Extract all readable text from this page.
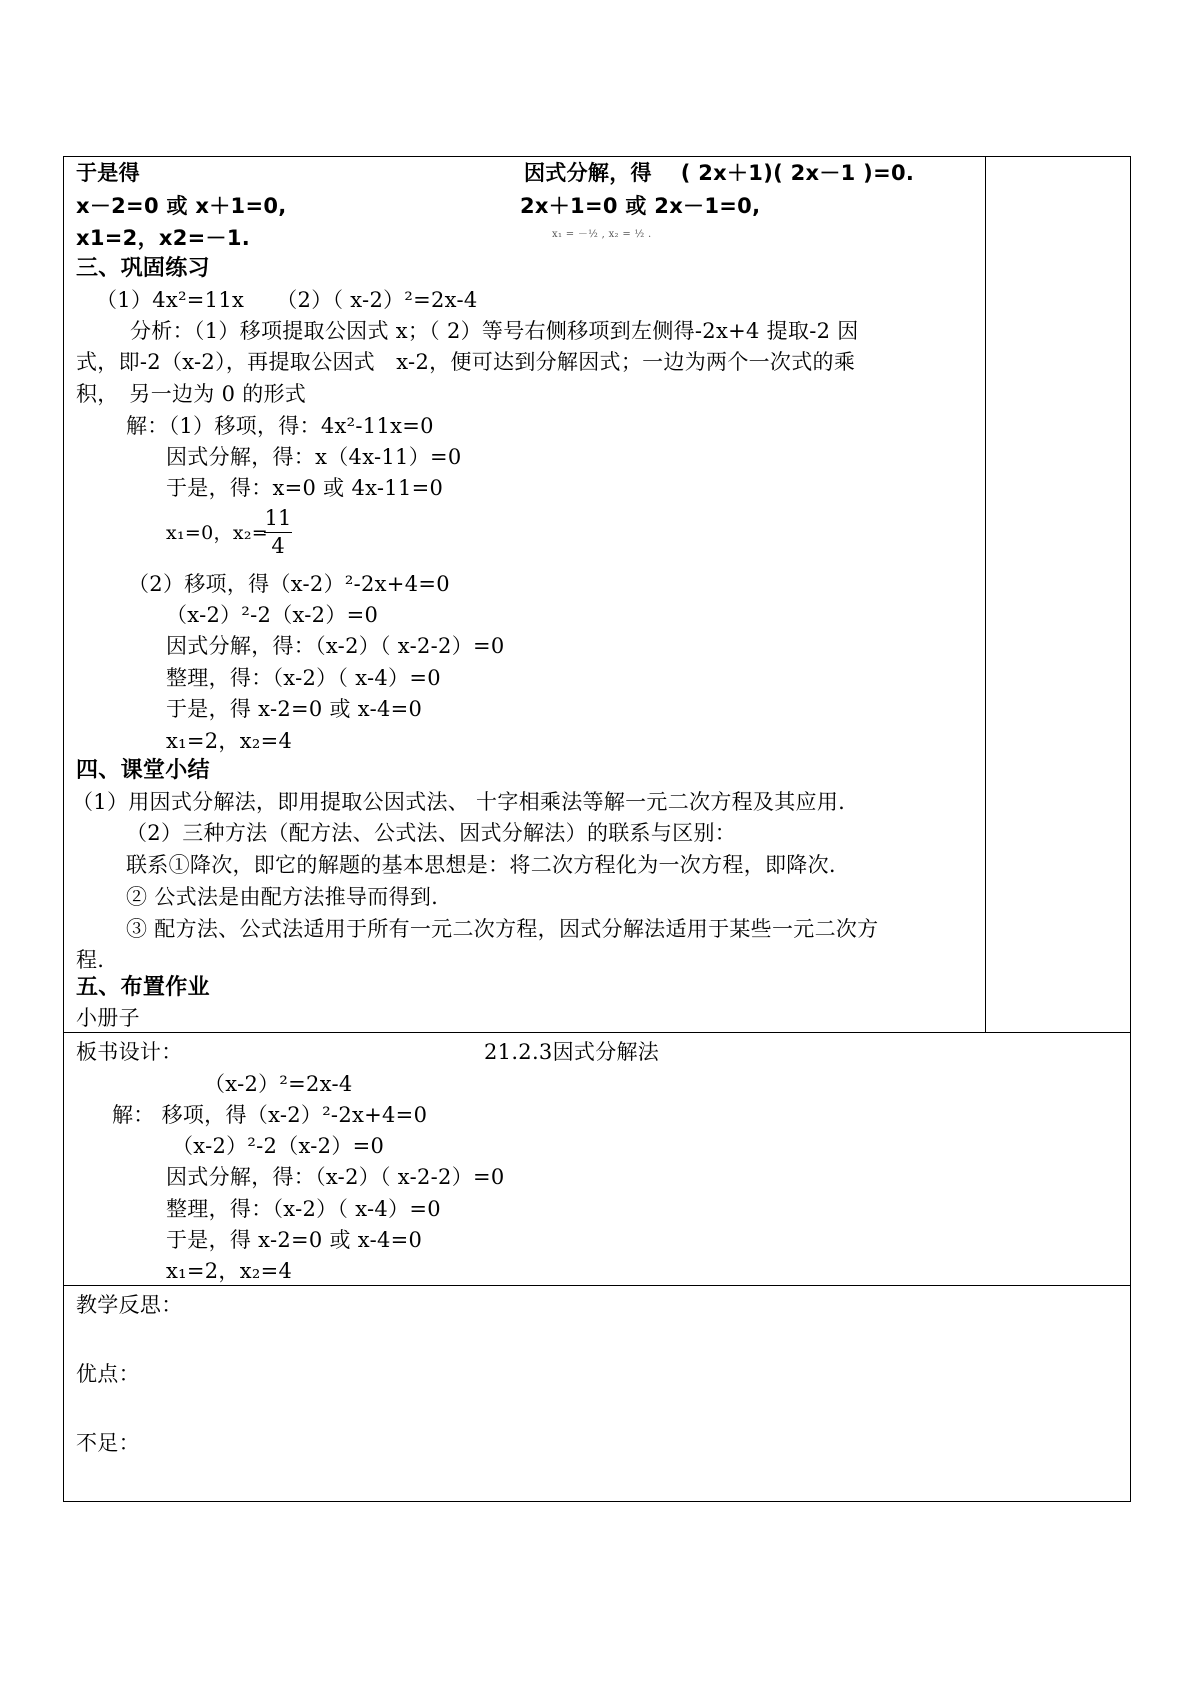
于是得
x－2=0 或 x＋1=0,
x1=2，x2=－1.
因式分解，得　 ( 2x＋1)( 2x－1 )=0.
2x＋1=0 或 2x－1=0,
x₁ = －½ , x₂ = ½ .
三、巩固练习
（1）4x²=11x　　（2）（ x-2）²=2x-4
分析：（1）移项提取公因式 x；（ 2）等号右侧移项到左侧得-2x+4 提取-2 因
式，即-2（x-2），再提取公因式　x-2，便可达到分解因式；一边为两个一次式的乘
积，　另一边为 0 的形式
解：（1）移项，得：4x²-11x=0
因式分解，得：x（4x-11）=0
于是，得：x=0 或 4x-11=0
x₁=0，x₂=
11
4
（2）移项，得（x-2）²-2x+4=0
（x-2）²-2（x-2）=0
因式分解，得：（x-2）（ x-2-2）=0
整理，得：（x-2）（ x-4）=0
于是，得 x-2=0 或 x-4=0
x₁=2，x₂=4
四、课堂小结
（1）用因式分解法，即用提取公因式法、 十字相乘法等解一元二次方程及其应用.
（2）三种方法（配方法、公式法、因式分解法）的联系与区别：
联系①降次，即它的解题的基本思想是：将二次方程化为一次方程，即降次.
② 公式法是由配方法推导而得到.
③ 配方法、公式法适用于所有一元二次方程，因式分解法适用于某些一元二次方
程.
五、布置作业
小册子
板书设计：	21.2.3因式分解法
（x-2）²=2x-4
解： 移项，得（x-2）²-2x+4=0
（x-2）²-2（x-2）=0
因式分解，得：（x-2）（ x-2-2）=0
整理，得：（x-2）（ x-4）=0
于是，得 x-2=0 或 x-4=0
x₁=2，x₂=4
教学反思：
优点：
不足：
